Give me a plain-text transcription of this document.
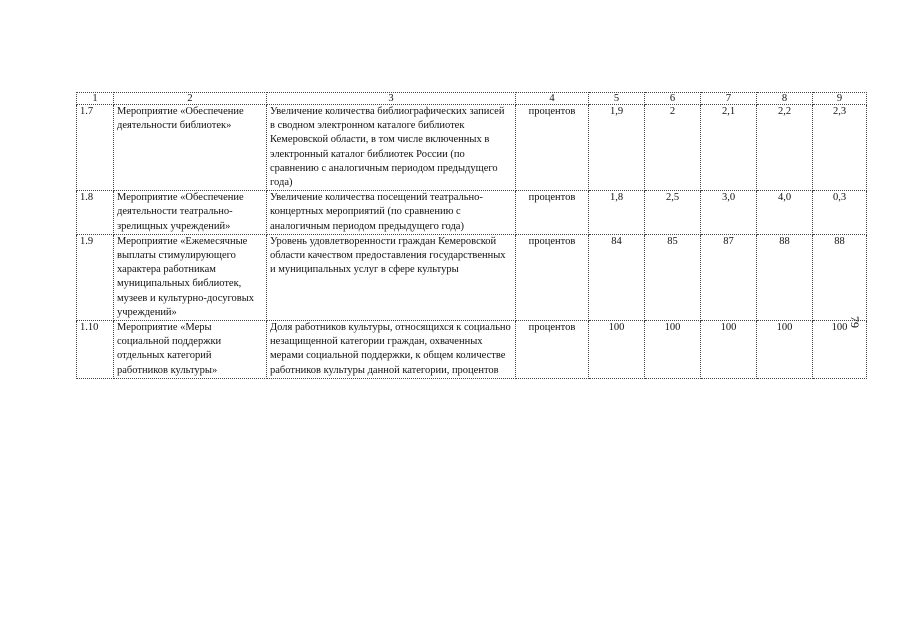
1	2	3	4	5	6	7	8	9
1.7	Мероприятие «Обеспечение деятельности библиотек»	Увеличение количества библиографических записей в сводном электронном каталоге библиотек Кемеровской области, в том числе включенных в электронный каталог библиотек России (по сравнению с аналогичным периодом предыдущего года)	процентов	1,9	2	2,1	2,2	2,3
1.8	Мероприятие «Обеспечение деятельности театрально-зрелищных учреждений»	Увеличение количества посещений театрально-концертных мероприятий (по сравнению с аналогичным периодом предыдущего года)	процентов	1,8	2,5	3,0	4,0	0,3
1.9	Мероприятие «Ежемесячные выплаты стимулирующего характера работникам муниципальных библиотек, музеев и культурно-досуговых учреждений»	Уровень удовлетворенности граждан Кемеровской области качеством предоставления государственных и муниципальных услуг в сфере культуры	процентов	84	85	87	88	88
1.10	Мероприятие «Меры социальной поддержки отдельных категорий работников культуры»	Доля работников культуры, относящихся к социально незащищенной категории граждан, охваченных мерами социальной поддержки, к общем количестве работников культуры данной категории, процентов	процентов	100	100	100	100	100 79
